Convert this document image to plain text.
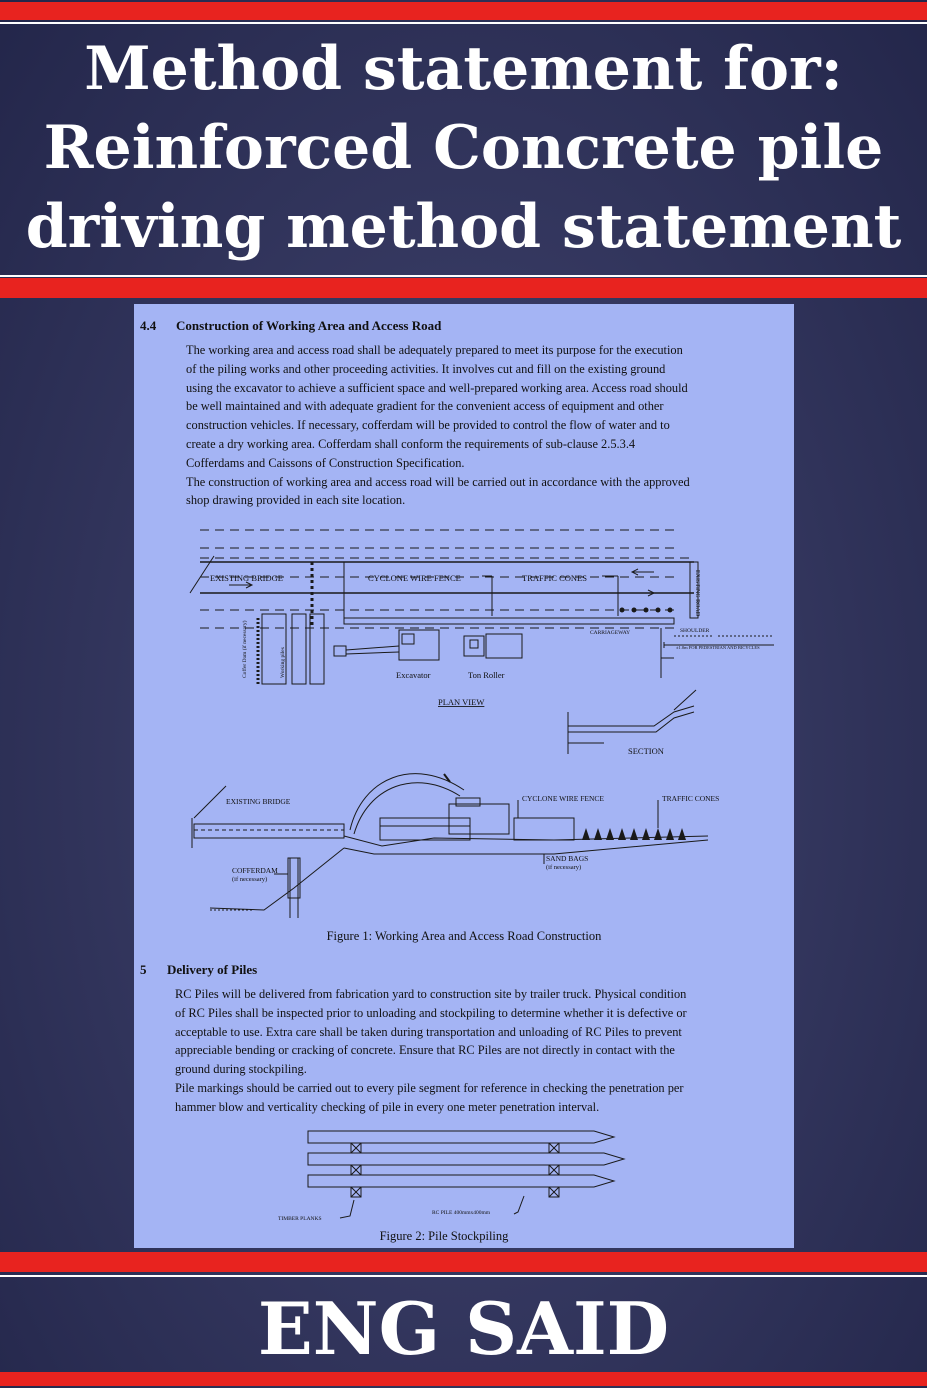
Method statement for:
Reinforced Concrete pile
driving method statement
4.4 Construction of Working Area and Access Road

The working area and access road shall be adequately prepared to meet its purpose for the execution

of the piling works and other proceeding activities. It involves cut and fill on the existing ground

using the excavator to achieve a sufficient space and well-prepared working area. Access road should

be well maintained and with adequate gradient for the convenient access of equipment and other

construction vehicles. If necessary, cofferdam will be provided to control the flow of water and to

create a dry working area. Cofferdam shall conform the requirements of sub-clause 2.5.3.4

Cofferdams and Caissons of Construction Specification.

The construction of working area and access road will be carried out in accordance with the approved

shop drawing provided in each site location.

EXISTING BRIDGE	CYCLONE WIRE FENCE	TRAFFIC CONES
Excavator	Ton Roller
PLAN VIEW
SECTION
EXISTING BRIDGE	CYCLONE WIRE FENCE	TRAFFIC CONES
SAND BAGS
(if necessary)
COFFERDAM
(if necessary)
CARRIAGEWAY	SHOULDER
±1.0m FOR PEDESTRIAN AND BICYCLES
EXISTING ROAD
Coffer Dam (if necessary)	Working piles
Figure 1: Working Area and Access Road Construction
5 Delivery of Piles

RC Piles will be delivered from fabrication yard to construction site by trailer truck. Physical condition

of RC Piles shall be inspected prior to unloading and stockpiling to determine whether it is defective or

acceptable to use. Extra care shall be taken during transportation and unloading of RC Piles to prevent

appreciable bending or cracking of concrete. Ensure that RC Piles are not directly in contact with the

ground during stockpiling.

Pile markings should be carried out to every pile segment for reference in checking the penetration per

hammer blow and verticality checking of pile in every one meter penetration interval.

TIMBER PLANKS
RC PILE 400mmx400mm
Figure 2: Pile Stockpiling
ENG SAID
